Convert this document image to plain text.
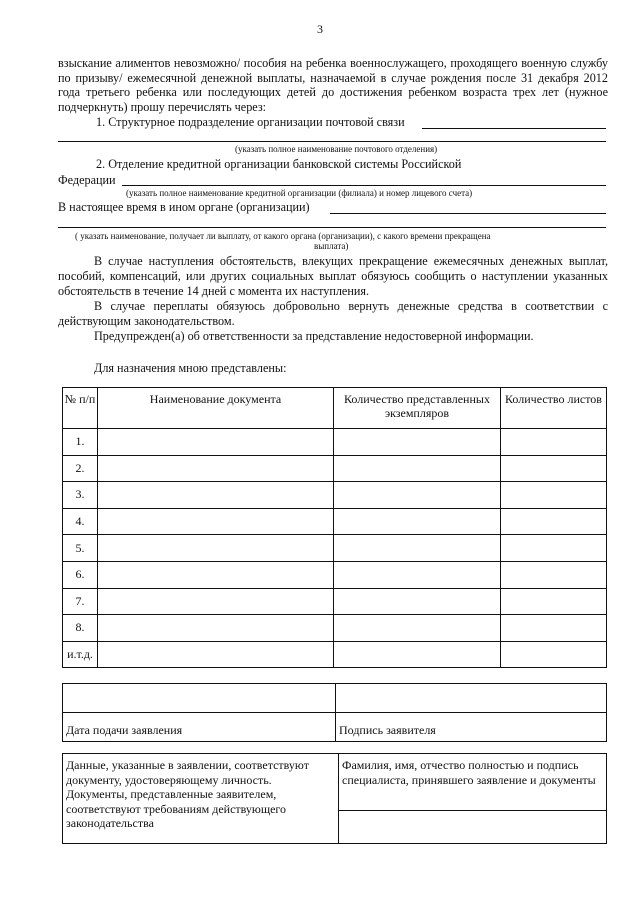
3
взыскание алиментов невозможно/ пособия на ребенка военнослужащего, проходящего военную службу по призыву/ ежемесячной денежной выплаты, назначаемой в случае рождения после 31 декабря 2012 года третьего ребенка или последующих детей до достижения ребенком возраста трех лет (нужное подчеркнуть) прошу перечислять через:
1. Структурное подразделение организации почтовой связи
(указать полное наименование почтового отделения)
2. Отделение кредитной организации банковской системы Российской
Федерации
(указать полное наименование кредитной организации (филиала) и номер лицевого счета)
В настоящее время в ином органе (организации)
( указать наименование, получает ли выплату, от какого органа (организации), с какого времени прекращена
выплата)
В случае наступления обстоятельств, влекущих прекращение ежемесячных денежных выплат, пособий, компенсаций, или других социальных выплат обязуюсь сообщить о наступлении указанных обстоятельств в течение 14 дней с момента их наступления.
В случае переплаты обязуюсь добровольно вернуть денежные средства в соответствии с действующим законодательством.
Предупрежден(а) об ответственности за представление недостоверной информации.
Для назначения мною представлены:
№ п/п	Наименование документа	Количество представленных экземпляров	Количество листов
1.			
2.			
3.			
4.			
5.			
6.			
7.			
8.			
и.т.д.			

Дата подачи заявления	Подпись заявителя
Данные, указанные в заявлении, соответствуют документу, удостоверяющему личность. Документы, представленные заявителем, соответствуют требованиям действующего законодательства	Фамилия, имя, отчество полностью и подпись специалиста, принявшего заявление и документы
